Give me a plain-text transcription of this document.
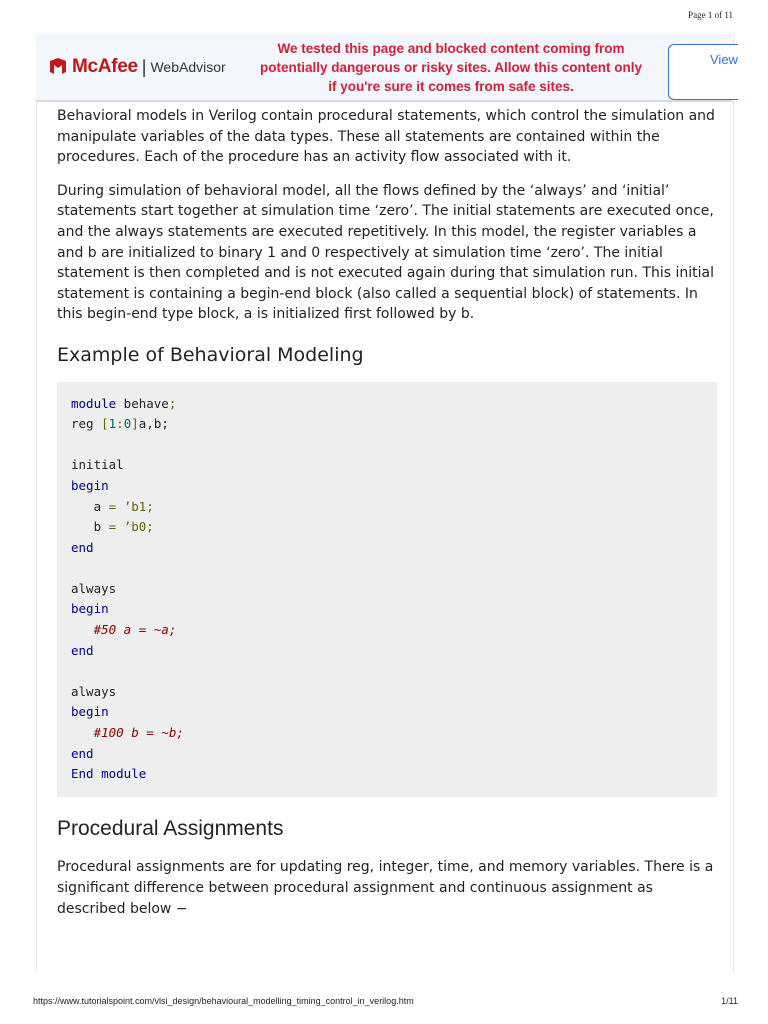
Page 1 of 11
McAfee | WebAdvisor
We tested this page and blocked content coming from potentially dangerous or risky sites. Allow this content only if you're sure it comes from safe sites.
View

Behavioral models in Verilog contain procedural statements, which control the simulation and manipulate variables of the data types. These all statements are contained within the procedures. Each of the procedure has an activity flow associated with it.

During simulation of behavioral model, all the flows defined by the ‘always’ and ‘initial’ statements start together at simulation time ‘zero’. The initial statements are executed once, and the always statements are executed repetitively. In this model, the register variables a and b are initialized to binary 1 and 0 respectively at simulation time ‘zero’. The initial statement is then completed and is not executed again during that simulation run. This initial statement is containing a begin-end block (also called a sequential block) of statements. In this begin-end type block, a is initialized first followed by b.

Example of Behavioral Modeling
module behave;
reg [1:0]a,b;

initial
begin
a = ’b1;
b = ’b0;
end

always
begin
#50 a = ~a;
end

always
begin
#100 b = ~b;
end
End module
Procedural Assignments

Procedural assignments are for updating reg, integer, time, and memory variables. There is a significant difference between procedural assignment and continuous assignment as described below −

https://www.tutorialspoint.com/vlsi_design/behavioural_modelling_timing_control_in_verilog.htm	1/11
